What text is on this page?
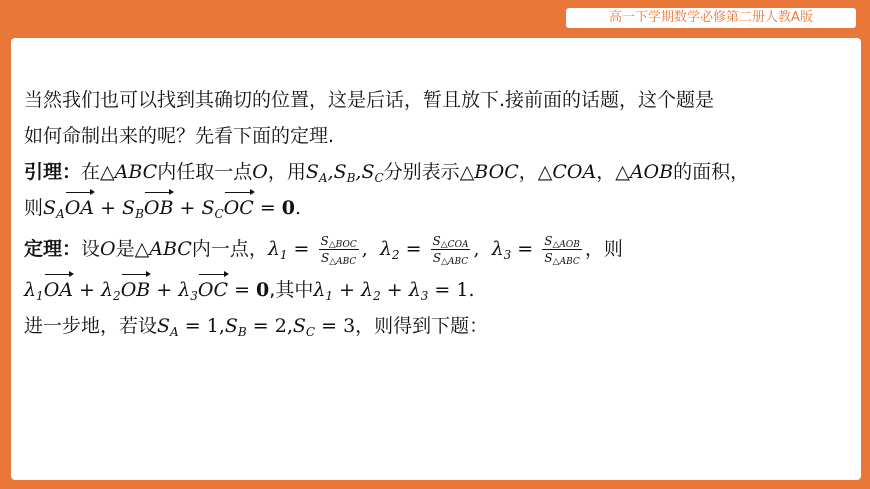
高一下学期数学必修第二册人教A版
当然我们也可以找到其确切的位置，这是后话，暂且放下.接前面的话题，这个题是
如何命制出来的呢？先看下面的定理.
引理： 在 △ABC 内任取一点 O ，用 $S_A,S_B,S_C$ 分别表示 △BOC ， △COA ， △AOB 的面积，
则 $S_AOA + S_BOB + S_COC = 0$ .
定理： 设 O 是 △ABC 内一点， $\lambda_1 = \frac{S_{\triangle BOC}}{S_{\triangle ABC}}$ , $\lambda_2 = \frac{S_{\triangle COA}}{S_{\triangle ABC}}$ , $\lambda_3 = \frac{S_{\triangle AOB}}{S_{\triangle ABC}}$ ，则
$\lambda_1OA + \lambda_2OB + \lambda_3OC = 0$ ,其中 $\lambda_1 + \lambda_2 + \lambda_3 = 1$.
进一步地，若设 $S_A = 1,S_B = 2,S_C = 3$ ，则得到下题：
